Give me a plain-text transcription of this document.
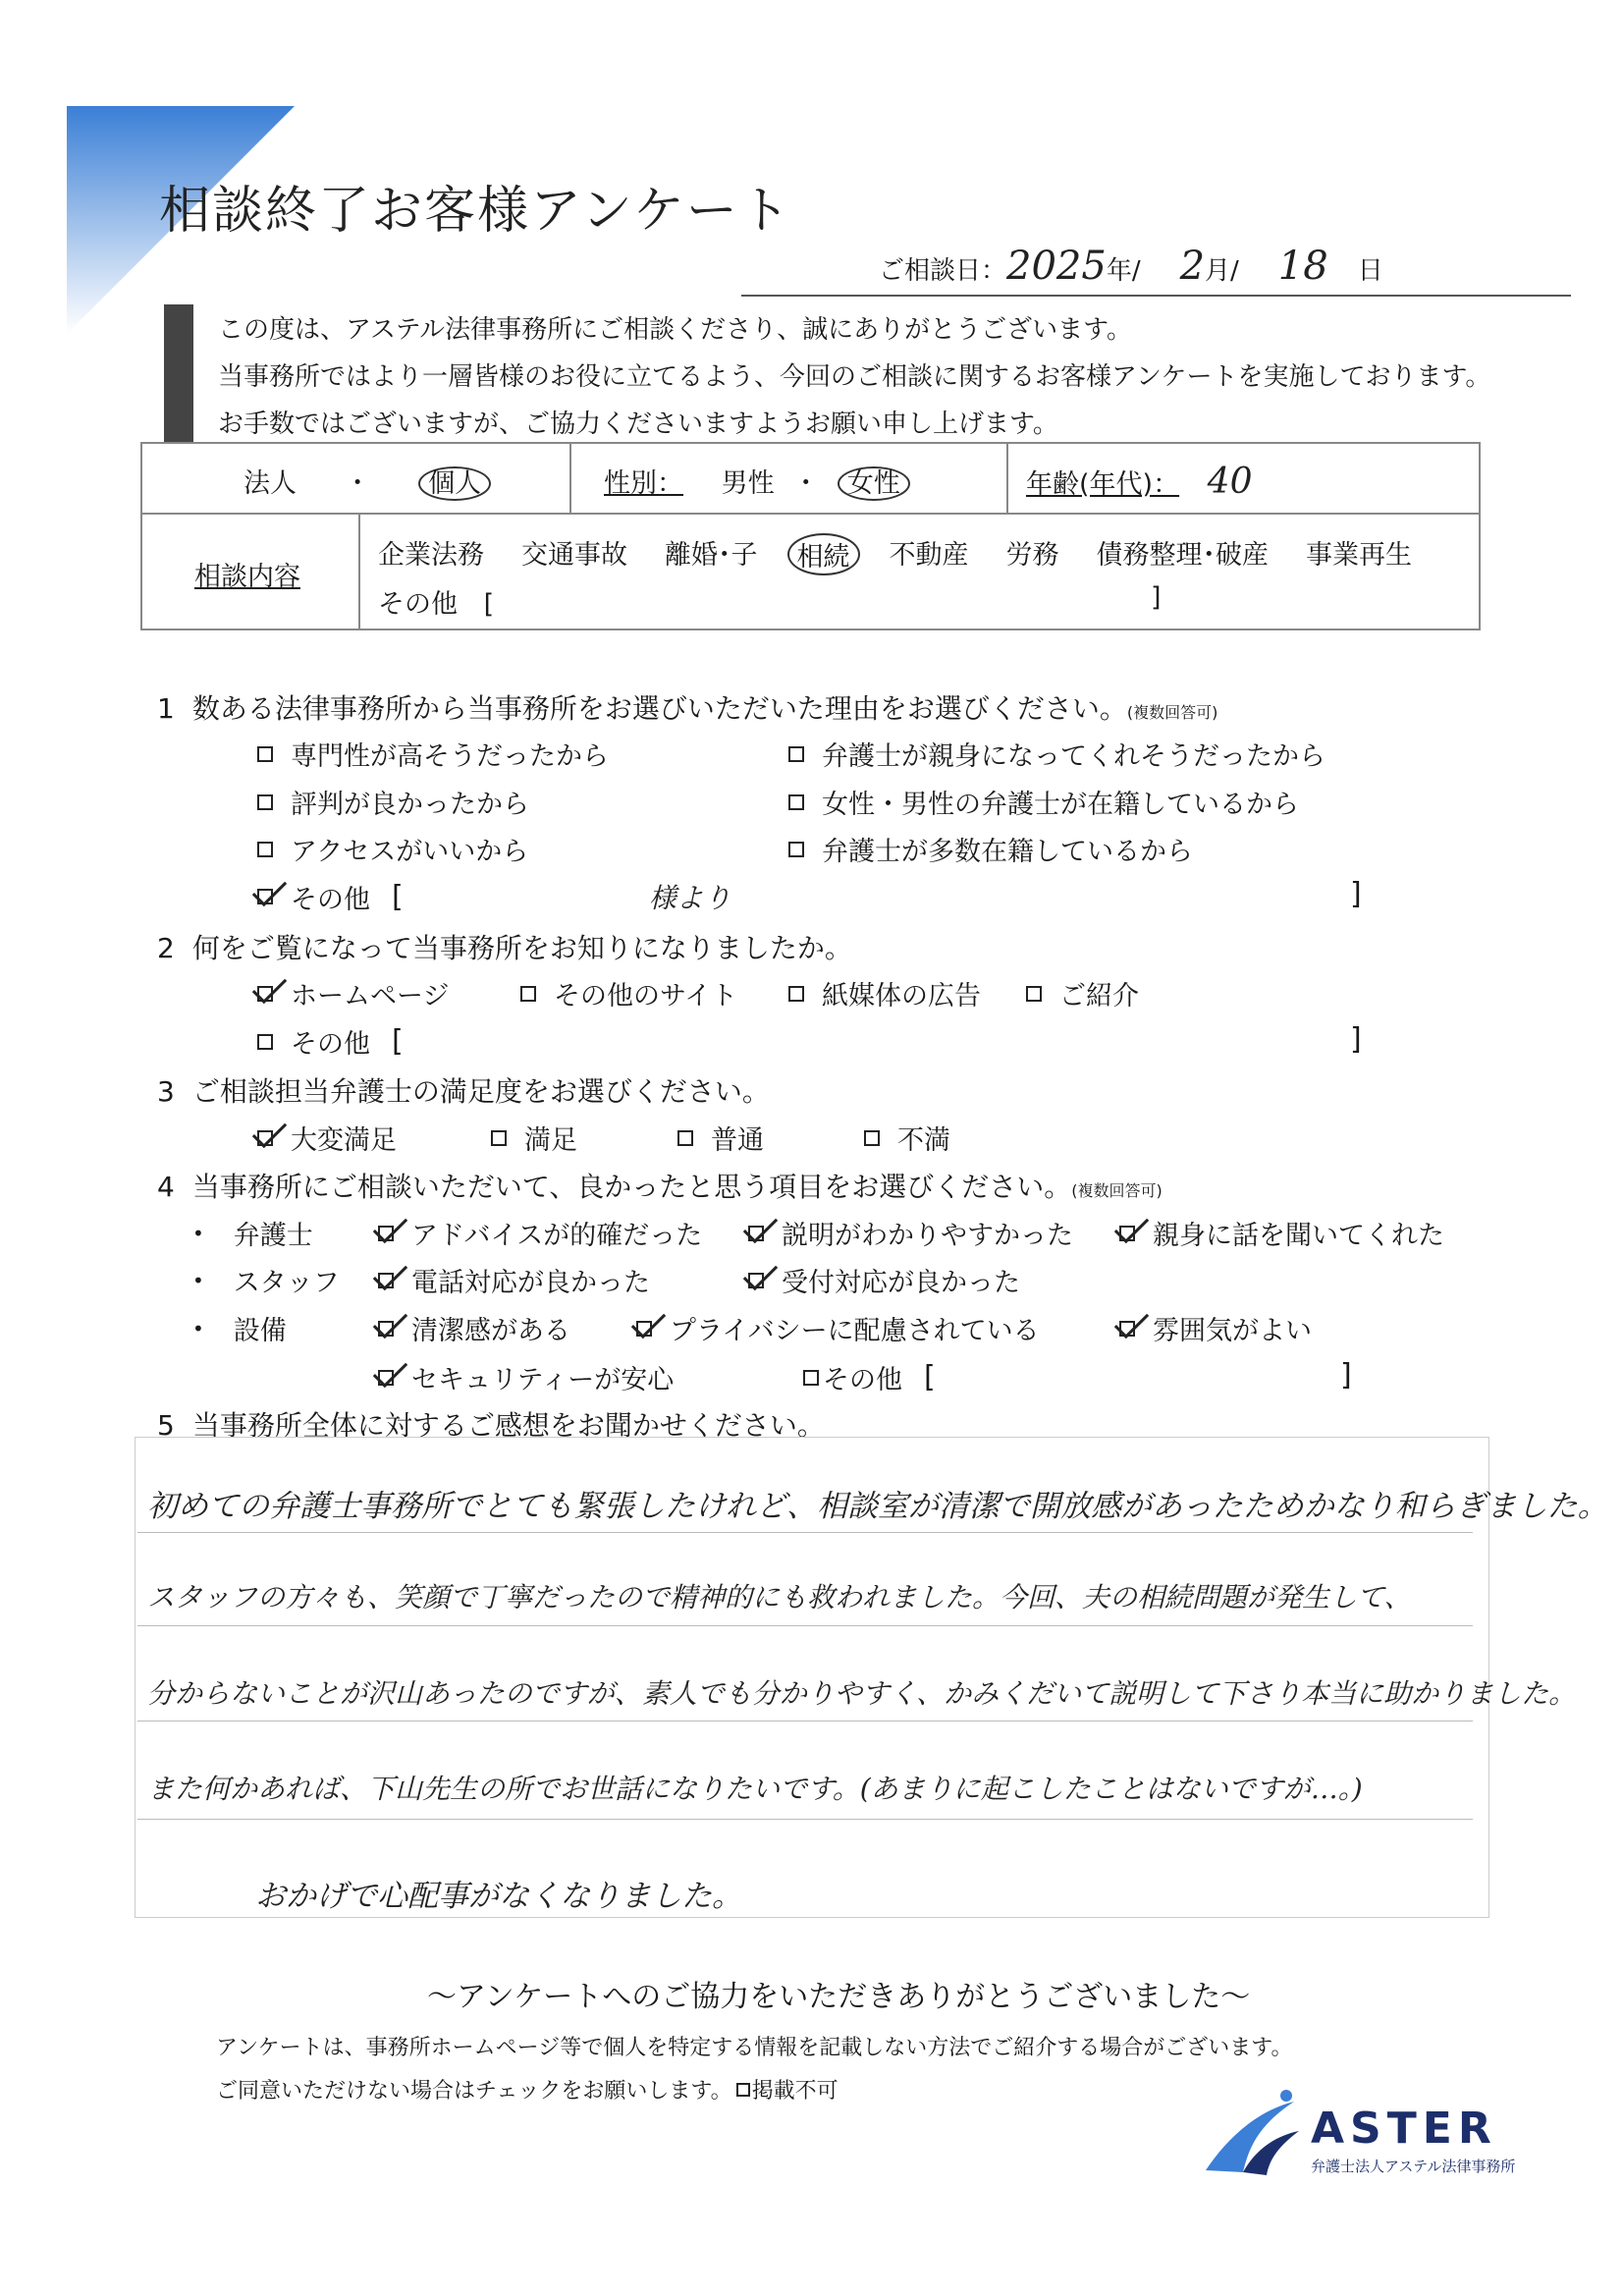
相談終了お客様アンケート
ご相談日： 2025 年/ 2 月/ 18 日
この度は、アステル法律事務所にご相談くださり、誠にありがとうございます。
当事務所ではより一層皆様のお役に立てるよう、今回のご相談に関するお客様アンケートを実施しております。
お手数ではございますが、ご協力くださいますようお願い申し上げます。
法人 ・ 個人	性別： 男性 ・ 女性	年齢(年代)： 40
相談内容
企業法務 交通事故 離婚･子	相続	不動産 労務 債務整理･破産 事業再生
その他 [	]
1 数ある法律事務所から当事務所をお選びいただいた理由をお選びください。(複数回答可)
専門性が高そうだったから	弁護士が親身になってくれそうだったから
評判が良かったから	女性・男性の弁護士が在籍しているから
アクセスがいいから	弁護士が多数在籍しているから
その他 [	様より	]
2 何をご覧になって当事務所をお知りになりましたか。
ホームページ	その他のサイト	紙媒体の広告	ご紹介
その他 [	]
3 ご相談担当弁護士の満足度をお選びください。
大変満足	満足	普通	不満
4 当事務所にご相談いただいて、良かったと思う項目をお選びください。(複数回答可)
• 弁護士	アドバイスが的確だった	説明がわかりやすかった	親身に話を聞いてくれた
• スタッフ	電話対応が良かった	受付対応が良かった
• 設備	清潔感がある	プライバシーに配慮されている	雰囲気がよい
セキュリティーが安心	その他 [	]
5 当事務所全体に対するご感想をお聞かせください。
初めての弁護士事務所でとても緊張したけれど、相談室が清潔で開放感があったためかなり和らぎました。
スタッフの方々も、笑顔で丁寧だったので精神的にも救われました。今回、夫の相続問題が発生して、
分からないことが沢山あったのですが、素人でも分かりやすく、かみくだいて説明して下さり本当に助かりました。
また何かあれば、下山先生の所でお世話になりたいです。(あまりに起こしたことはないですが…。)
おかげで心配事がなくなりました。
～アンケートへのご協力をいただきありがとうございました～
アンケートは、事務所ホームページ等で個人を特定する情報を記載しない方法でご紹介する場合がございます。
ご同意いただけない場合はチェックをお願いします。 掲載不可
ASTER
弁護士法人アステル法律事務所
